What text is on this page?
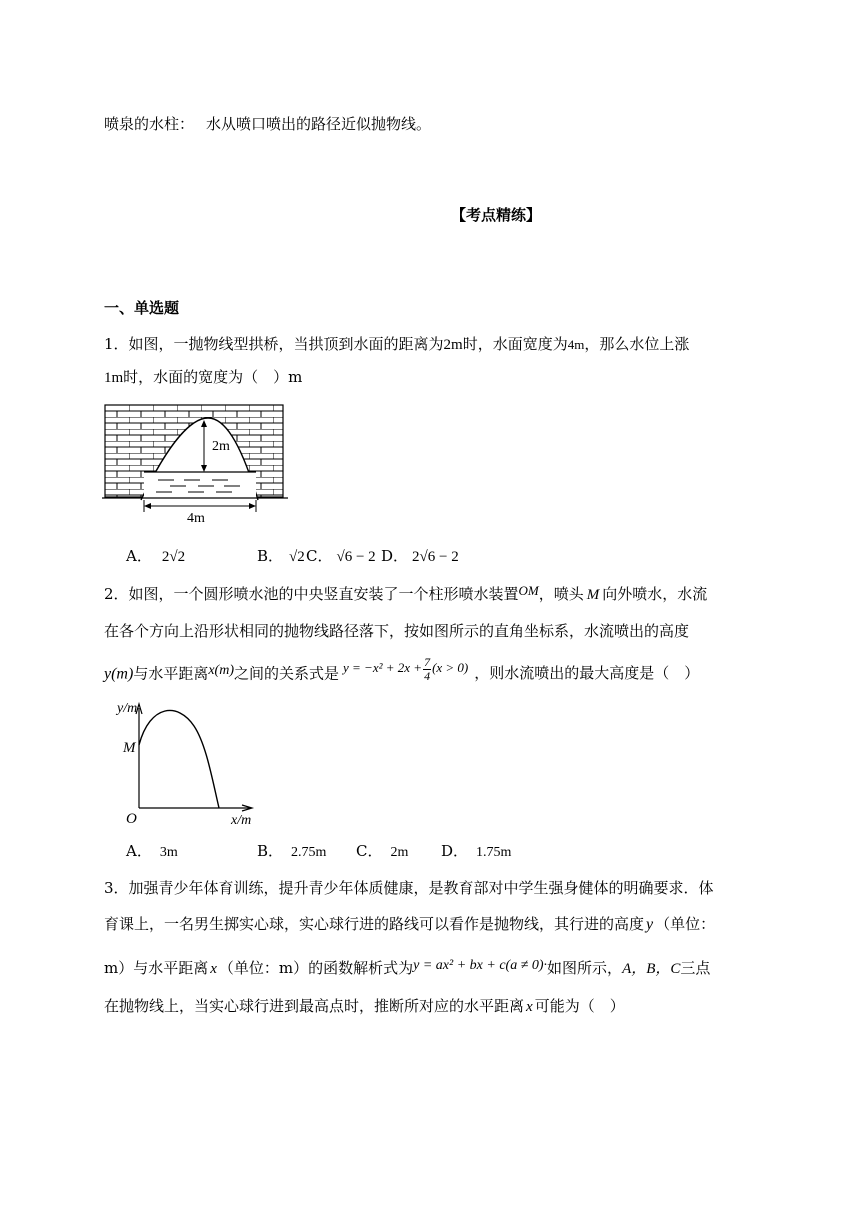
喷泉的水柱： 水从喷口喷出的路径近似抛物线。
【考点精练】
一、单选题
1．如图，一抛物线型拱桥，当拱顶到水面的距离为2m时，水面宽度为4m，那么水位上涨
1m时，水面的宽度为（　）m
2m
4m
A． 2√2	B． √2 C． √6 − 2 D． 2√6 − 2
2．如图，一个圆形喷水池的中央竖直安装了一个柱形喷水装置OM，喷头 M 向外喷水，水流
在各个方向上沿形状相同的抛物线路径落下，按如图所示的直角坐标系，水流喷出的高度
y(m)与水平距离x(m)之间的关系式是 $y = -x^2 + 2x + \frac{7}{4} (x > 0)$ ，则水流喷出的最大高度是（　）
y/m
M
O	x/m
A． 3m	B． 2.75m C． 2m D． 1.75m
3．加强青少年体育训练，提升青少年体质健康，是教育部对中学生强身健体的明确要求．体
育课上，一名男生掷实心球，实心球行进的路线可以看作是抛物线，其行进的高度 y （单位：
m）与水平距离 x （单位：m）的函数解析式为y = ax² + bx + c(a ≠ 0)·如图所示，A，B，C三点
在抛物线上，当实心球行进到最高点时，推断所对应的水平距离 x 可能为（　）
